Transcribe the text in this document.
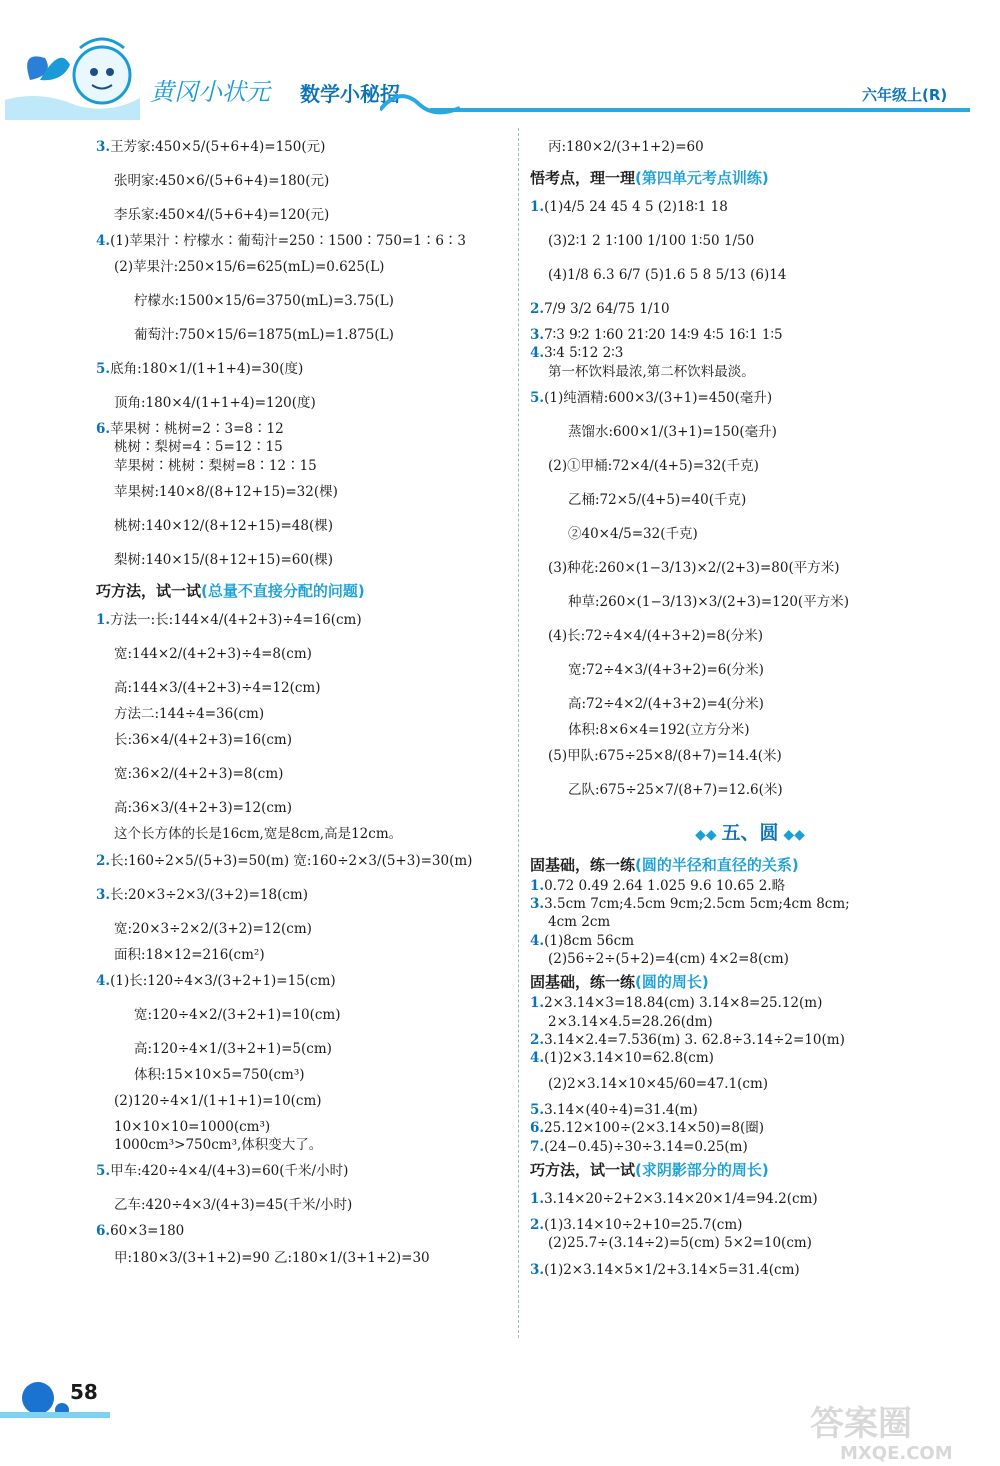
黄冈小状元 数学小秘招	六年级上(R)
3.王芳家:450×5/(5+6+4)=150(元)
张明家:450×6/(5+6+4)=180(元)
李乐家:450×4/(5+6+4)=120(元)
4.(1)苹果汁∶柠檬水∶葡萄汁=250∶1500∶750=1∶6∶3
(2)苹果汁:250×15/6=625(mL)=0.625(L)
柠檬水:1500×15/6=3750(mL)=3.75(L)
葡萄汁:750×15/6=1875(mL)=1.875(L)
5.底角:180×1/(1+1+4)=30(度)
顶角:180×4/(1+1+4)=120(度)
6.苹果树∶桃树=2∶3=8∶12
桃树∶梨树=4∶5=12∶15
苹果树∶桃树∶梨树=8∶12∶15
苹果树:140×8/(8+12+15)=32(棵)
桃树:140×12/(8+12+15)=48(棵)
梨树:140×15/(8+12+15)=60(棵)
巧方法，试一试(总量不直接分配的问题)
1.方法一:长:144×4/(4+2+3)÷4=16(cm)
宽:144×2/(4+2+3)÷4=8(cm)
高:144×3/(4+2+3)÷4=12(cm)
方法二:144÷4=36(cm)
长:36×4/(4+2+3)=16(cm)
宽:36×2/(4+2+3)=8(cm)
高:36×3/(4+2+3)=12(cm)
这个长方体的长是16cm,宽是8cm,高是12cm。
2.长:160÷2×5/(5+3)=50(m) 宽:160÷2×3/(5+3)=30(m)
3.长:20×3÷2×3/(3+2)=18(cm)
宽:20×3÷2×2/(3+2)=12(cm)
面积:18×12=216(cm²)
4.(1)长:120÷4×3/(3+2+1)=15(cm)
宽:120÷4×2/(3+2+1)=10(cm)
高:120÷4×1/(3+2+1)=5(cm)
体积:15×10×5=750(cm³)
(2)120÷4×1/(1+1+1)=10(cm)
10×10×10=1000(cm³)
1000cm³>750cm³,体积变大了。
5.甲车:420÷4×4/(4+3)=60(千米/小时)
乙车:420÷4×3/(4+3)=45(千米/小时)
6.60×3=180
甲:180×3/(3+1+2)=90 乙:180×1/(3+1+2)=30
丙:180×2/(3+1+2)=60
悟考点，理一理(第四单元考点训练)
1.(1)4/5 24 45 4 5 (2)18∶1 18
(3)2∶1 2 1∶100 1/100 1∶50 1/50
(4)1/8 6.3 6/7 (5)1.6 5 8 5/13 (6)14
2.7/9 3/2 64/75 1/10
3.7∶3 9∶2 1∶60 21∶20 14∶9 4∶5 16∶1 1∶5
4.3∶4 5∶12 2∶3
第一杯饮料最浓,第二杯饮料最淡。
5.(1)纯酒精:600×3/(3+1)=450(毫升)
蒸馏水:600×1/(3+1)=150(毫升)
(2)①甲桶:72×4/(4+5)=32(千克)
乙桶:72×5/(4+5)=40(千克)
②40×4/5=32(千克)
(3)种花:260×(1−3/13)×2/(2+3)=80(平方米)
种草:260×(1−3/13)×3/(2+3)=120(平方米)
(4)长:72÷4×4/(4+3+2)=8(分米)
宽:72÷4×3/(4+3+2)=6(分米)
高:72÷4×2/(4+3+2)=4(分米)
体积:8×6×4=192(立方分米)
(5)甲队:675÷25×8/(8+7)=14.4(米)
乙队:675÷25×7/(8+7)=12.6(米)
◆◆ 五、圆 ◆◆
固基础，练一练(圆的半径和直径的关系)
1.0.72 0.49 2.64 1.025 9.6 10.65 2.略
3.3.5cm 7cm;4.5cm 9cm;2.5cm 5cm;4cm 8cm;
4cm 2cm
4.(1)8cm 56cm
(2)56÷2÷(5+2)=4(cm) 4×2=8(cm)
固基础，练一练(圆的周长)
1.2×3.14×3=18.84(cm) 3.14×8=25.12(m)
2×3.14×4.5=28.26(dm)
2.3.14×2.4=7.536(m) 3. 62.8÷3.14÷2=10(m)
4.(1)2×3.14×10=62.8(cm)
(2)2×3.14×10×45/60=47.1(cm)
5.3.14×(40÷4)=31.4(m)
6.25.12×100÷(2×3.14×50)=8(圈)
7.(24−0.45)÷30÷3.14=0.25(m)
巧方法，试一试(求阴影部分的周长)
1.3.14×20÷2+2×3.14×20×1/4=94.2(cm)
2.(1)3.14×10÷2+10=25.7(cm)
(2)25.7÷(3.14÷2)=5(cm) 5×2=10(cm)
3.(1)2×3.14×5×1/2+3.14×5=31.4(cm)
58
答案圈
MXQE.COM
